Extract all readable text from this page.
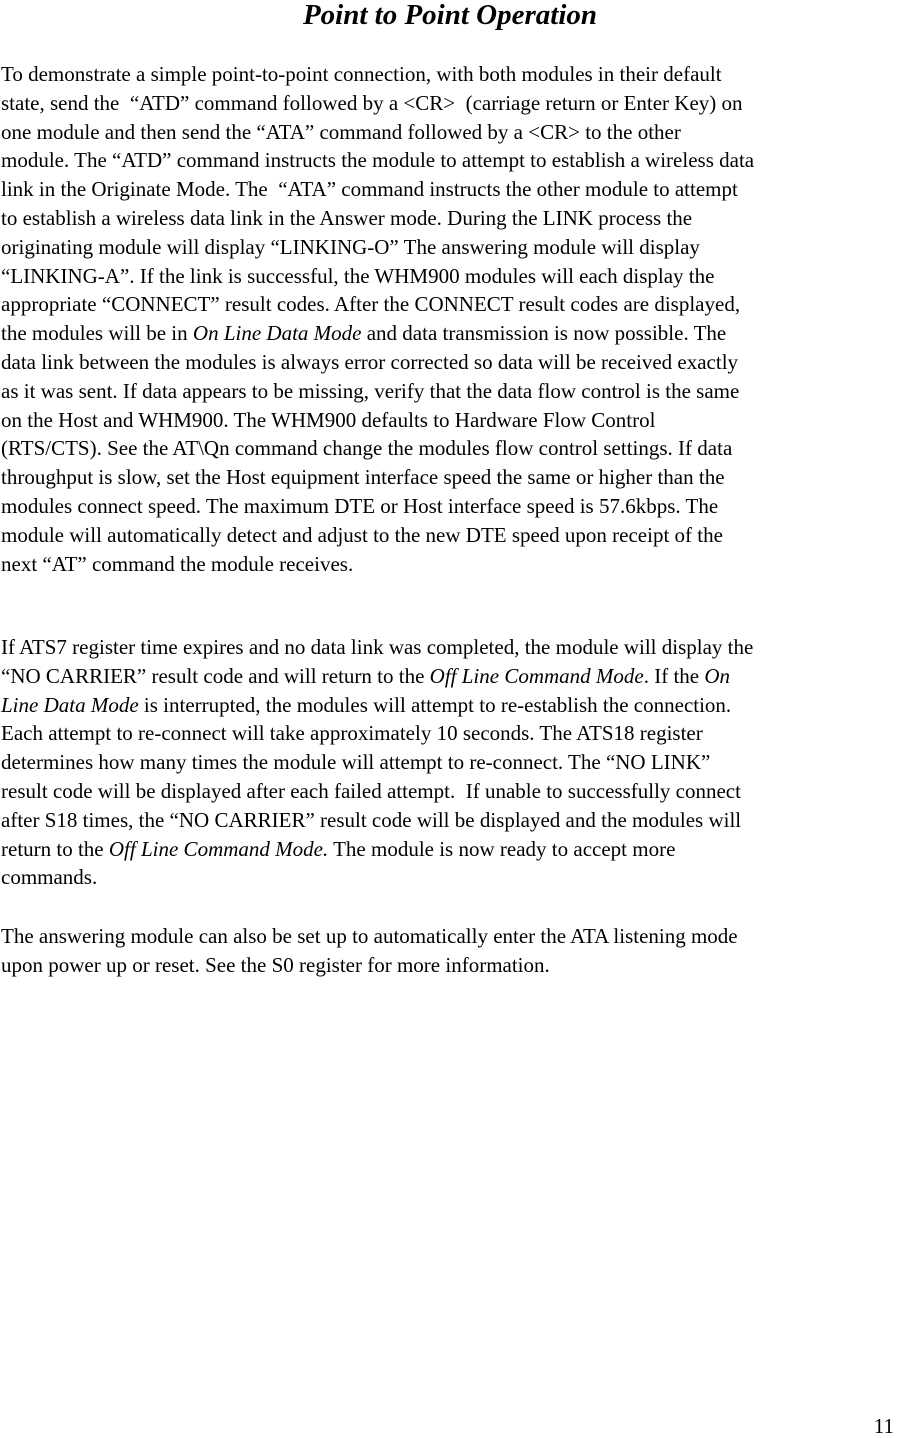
Point to Point Operation
To demonstrate a simple point-to-point connection, with both modules in their default
state, send the  “ATD” command followed by a <CR>  (carriage return or Enter Key) on
one module and then send the “ATA” command followed by a <CR> to the other
module. The “ATD” command instructs the module to attempt to establish a wireless data
link in the Originate Mode. The  “ATA” command instructs the other module to attempt
to establish a wireless data link in the Answer mode. During the LINK process the
originating module will display “LINKING-O” The answering module will display
“LINKING-A”. If the link is successful, the WHM900 modules will each display the
appropriate “CONNECT” result codes. After the CONNECT result codes are displayed,
the modules will be in On Line Data Mode and data transmission is now possible. The
data link between the modules is always error corrected so data will be received exactly
as it was sent. If data appears to be missing, verify that the data flow control is the same
on the Host and WHM900. The WHM900 defaults to Hardware Flow Control
(RTS/CTS). See the AT\Qn command change the modules flow control settings. If data
throughput is slow, set the Host equipment interface speed the same or higher than the
modules connect speed. The maximum DTE or Host interface speed is 57.6kbps. The
module will automatically detect and adjust to the new DTE speed upon receipt of the
next “AT” command the module receives.
If ATS7 register time expires and no data link was completed, the module will display the
“NO CARRIER” result code and will return to the Off Line Command Mode. If the On
Line Data Mode is interrupted, the modules will attempt to re-establish the connection.
Each attempt to re-connect will take approximately 10 seconds. The ATS18 register
determines how many times the module will attempt to re-connect. The “NO LINK”
result code will be displayed after each failed attempt.  If unable to successfully connect
after S18 times, the “NO CARRIER” result code will be displayed and the modules will
return to the Off Line Command Mode. The module is now ready to accept more
commands.
The answering module can also be set up to automatically enter the ATA listening mode
upon power up or reset. See the S0 register for more information.
11
